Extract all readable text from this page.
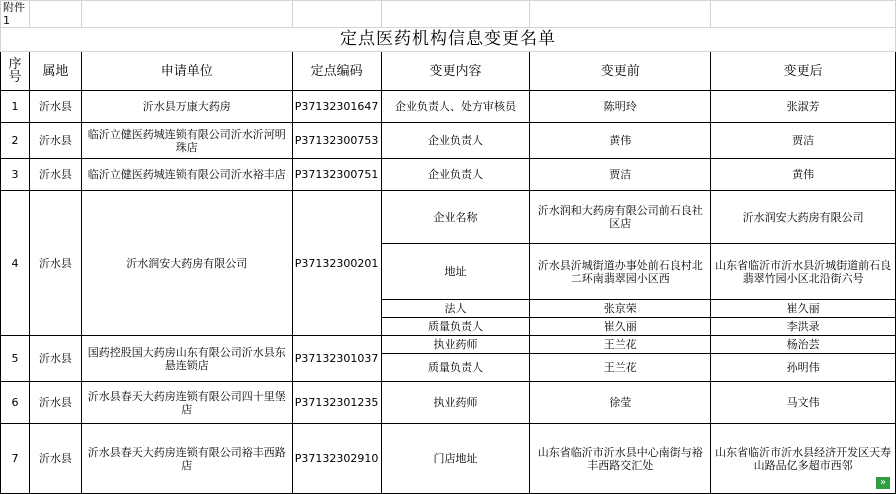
附件1						
定点医药机构信息变更名单						
序号	属地	申请单位	定点编码	变更内容	变更前	变更后
1	沂水县	沂水县万康大药房	P37132301647	企业负责人、处方审核员	陈明玲	张淑芳
2	沂水县	临沂立健医药城连锁有限公司沂水沂河明珠店	P37132300753	企业负责人	黄伟	贾洁
3	沂水县	临沂立健医药城连锁有限公司沂水裕丰店	P37132300751	企业负责人	贾洁	黄伟
4	沂水县	沂水润安大药房有限公司	P37132300201	企业名称	沂水润和大药房有限公司前石良社区店	沂水润安大药房有限公司
				地址	沂水县沂城街道办事处前石良村北二环南翡翠园小区西	山东省临沂市沂水县沂城街道前石良翡翠竹园小区北沿街六号
				法人	张京荣	崔久丽
				质量负责人	崔久丽	李洪录
5	沂水县	国药控股国大药房山东有限公司沂水县东悬连锁店	P37132301037	执业药师	王兰花	杨治芸
				质量负责人	王兰花	孙明伟
6	沂水县	沂水县春天大药房连锁有限公司四十里堡店	P37132301235	执业药师	徐莹	马文伟
7	沂水县	沂水县春天大药房连锁有限公司裕丰西路店	P37132302910	门店地址	山东省临沂市沂水县中心南街与裕丰西路交汇处	山东省临沂市沂水县经济开发区天寿山路品亿多超市西邻
»
